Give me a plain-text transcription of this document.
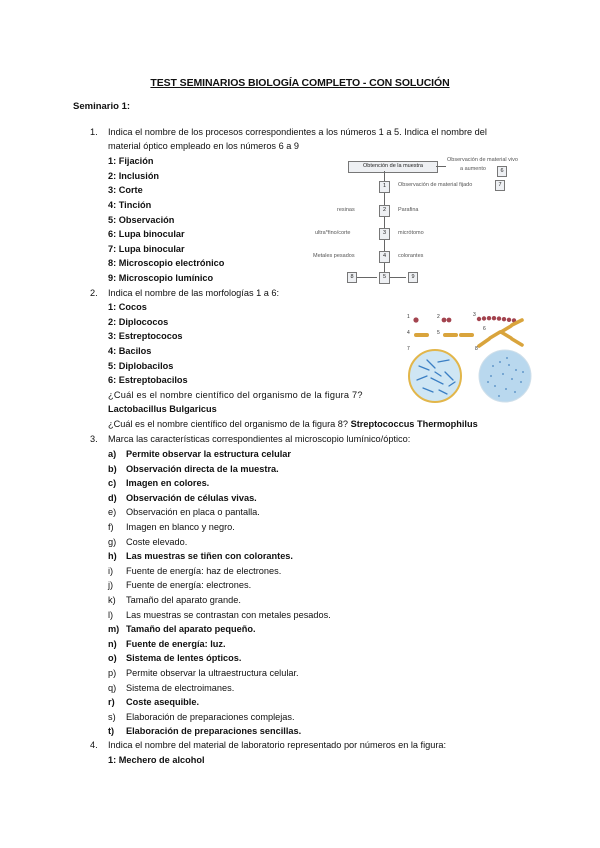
TEST SEMINARIOS BIOLOGÍA COMPLETO - CON SOLUCIÓN
Seminario 1:
1. Indica el nombre de los procesos correspondientes a los números 1 a 5. Indica el nombre del
material óptico empleado en los números 6 a 9
1: Fijación
2: Inclusión
3: Corte
4: Tinción
5: Observación
6: Lupa binocular
7: Lupa binocular
8: Microscopio electrónico
9: Microscopio lumínico
Obtención de la muestra
Observación de material vivo
a aumento	6
1	Observación de material fijado	7
resinas	2	Parafina
ultra*fino/corte	3	micrótomo
Metales pesados	4	colorantes
8	5	9
2. Indica el nombre de las morfologías 1 a 6:
1: Cocos
2: Diplococos
3: Estreptococos
4: Bacilos
5: Diplobacilos
6: Estreptobacilos
¿Cuál es el nombre científico del organismo de la figura 7?
Lactobacillus Bulgaricus
¿Cuál es el nombre científico del organismo de la figura 8? Streptococcus Thermophilus
1	2	3
4	5
6
7	8
3. Marca las características correspondientes al microscopio lumínico/óptico:
a) Permite observar la estructura celular
b) Observación directa de la muestra.
c) Imagen en colores.
d) Observación de células vivas.
e) Observación en placa o pantalla.
f) Imagen en blanco y negro.
g) Coste elevado.
h) Las muestras se tiñen con colorantes.
i) Fuente de energía: haz de electrones.
j) Fuente de energía: electrones.
k) Tamaño del aparato grande.
l) Las muestras se contrastan con metales pesados.
m) Tamaño del aparato pequeño.
n) Fuente de energía: luz.
o) Sistema de lentes ópticos.
p) Permite observar la ultraestructura celular.
q) Sistema de electroimanes.
r) Coste asequible.
s) Elaboración de preparaciones complejas.
t) Elaboración de preparaciones sencillas.
4. Indica el nombre del material de laboratorio representado por números en la figura:
1: Mechero de alcohol
